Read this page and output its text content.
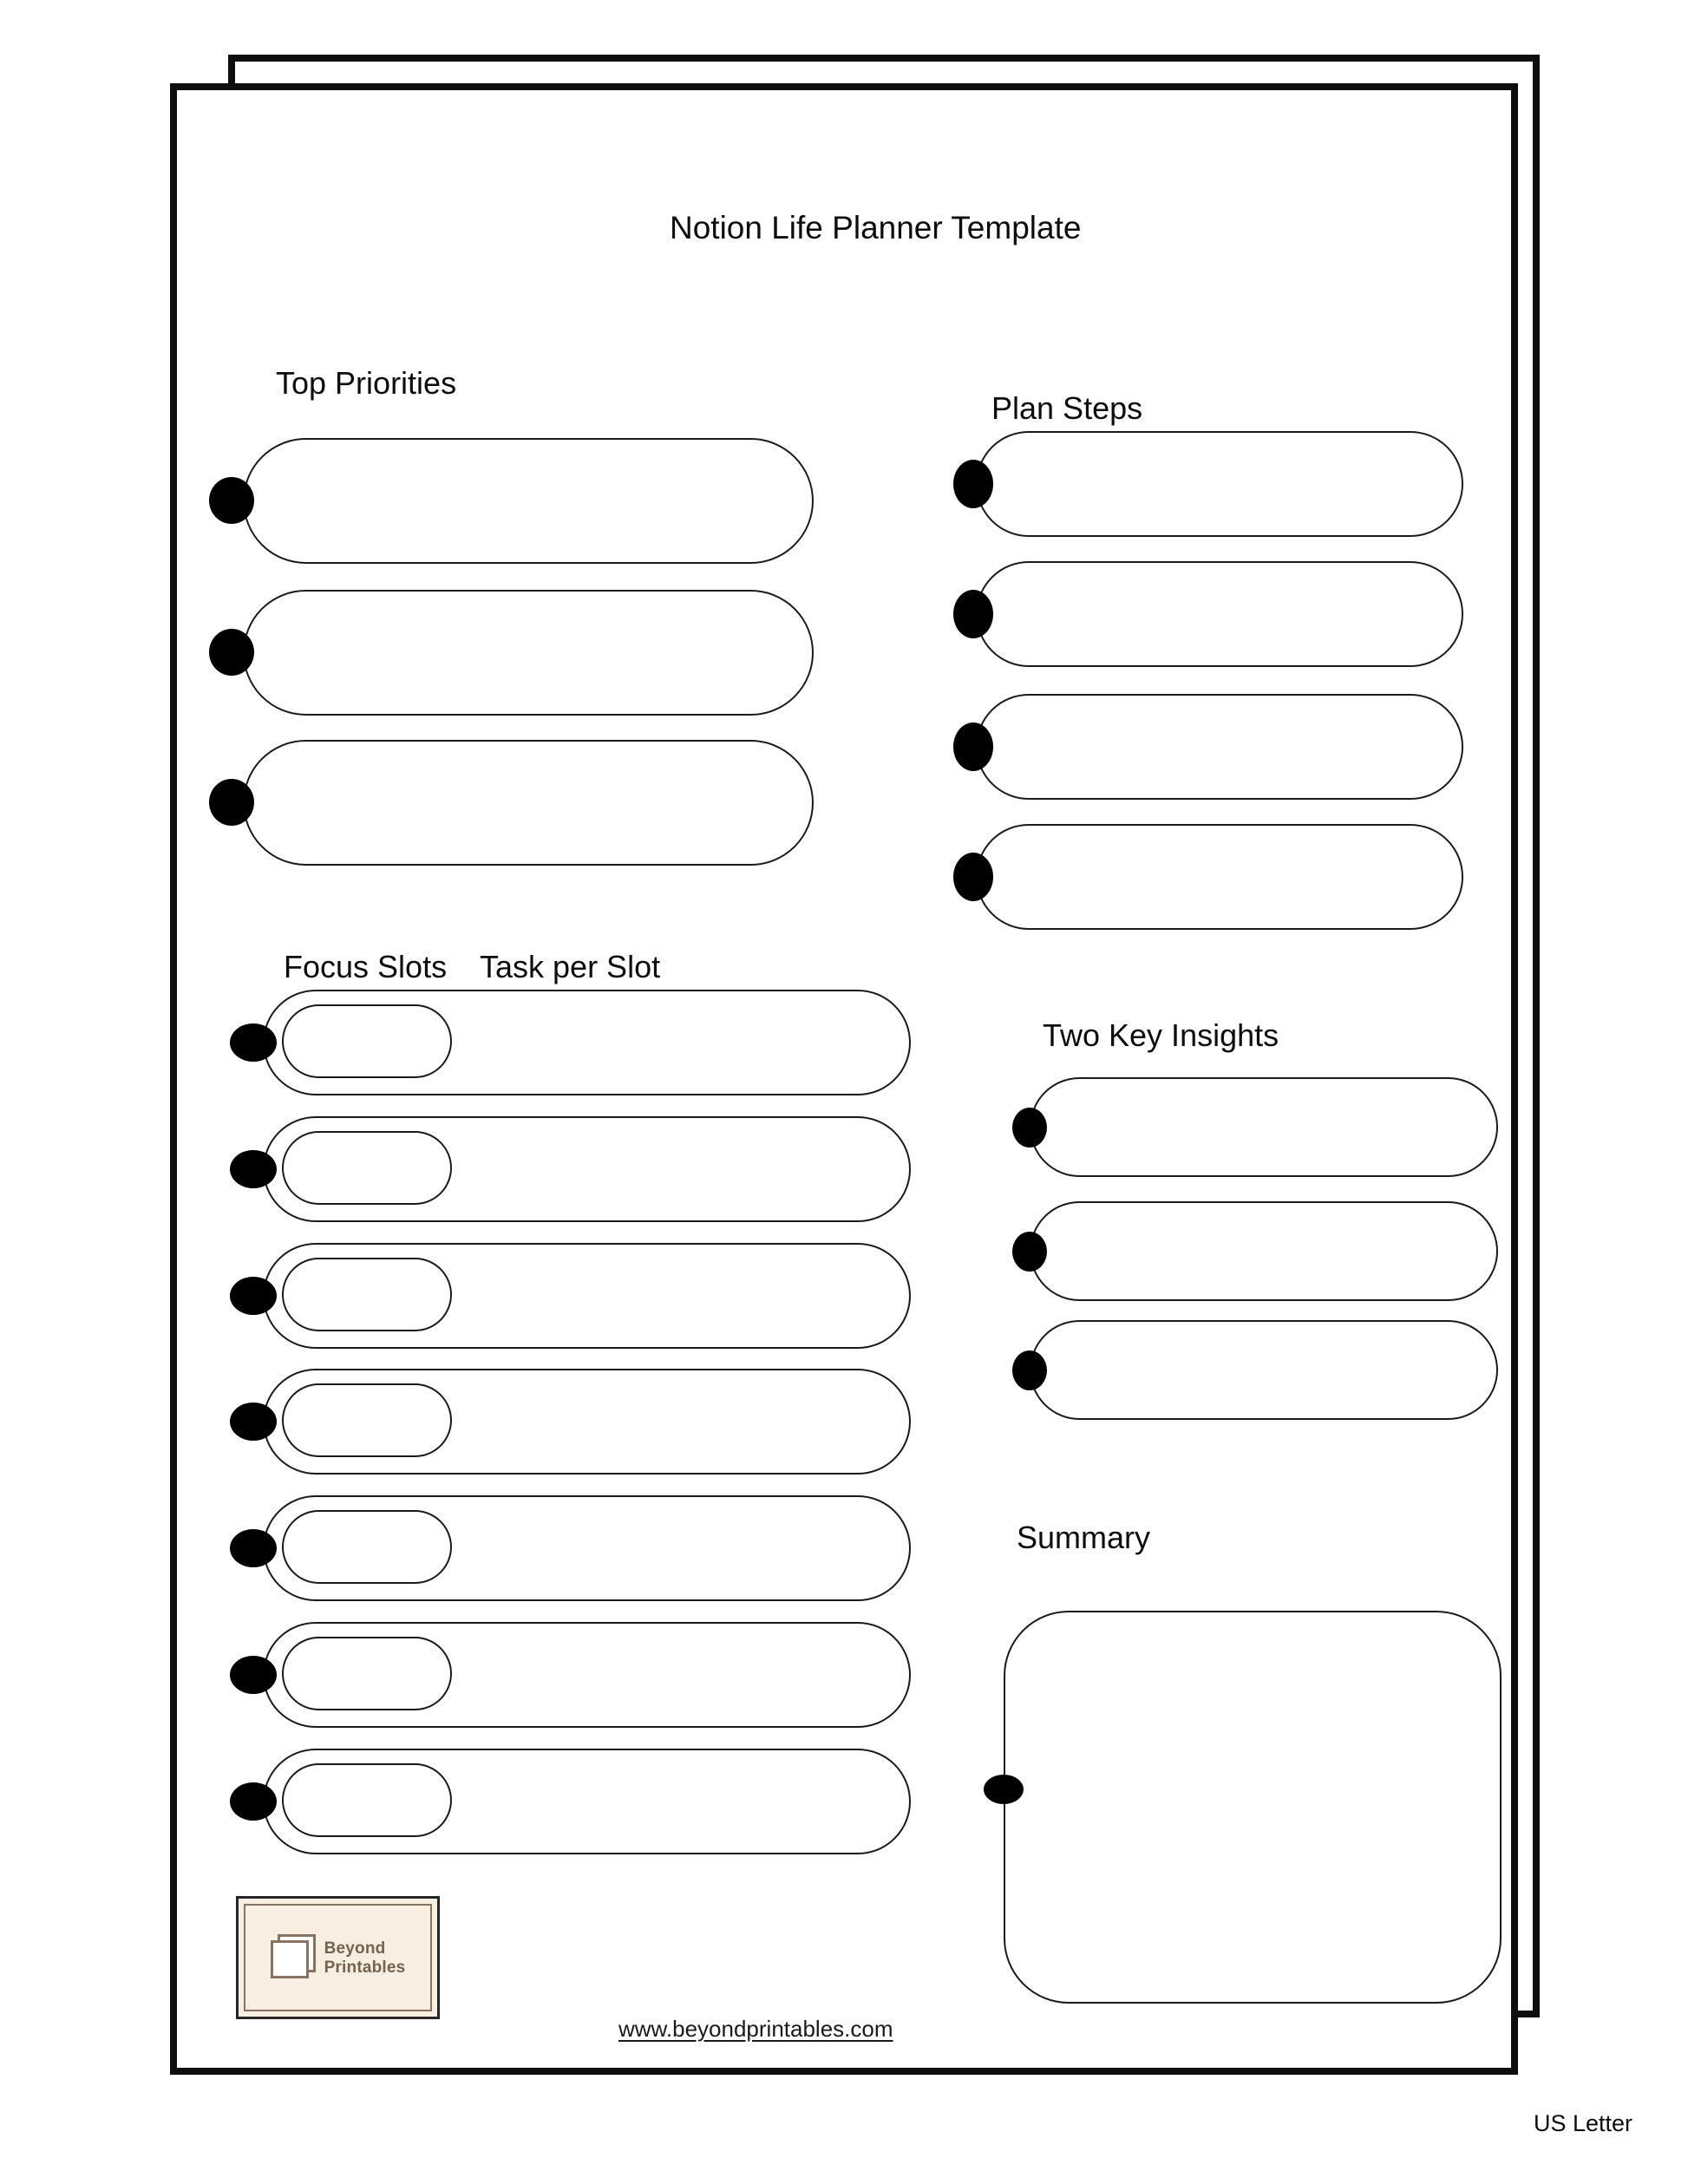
Notion Life Planner Template
Top Priorities
Plan Steps
Focus Slots Task per Slot
Two Key Insights
Summary
Beyond
Printables
www.beyondprintables.com
US Letter
